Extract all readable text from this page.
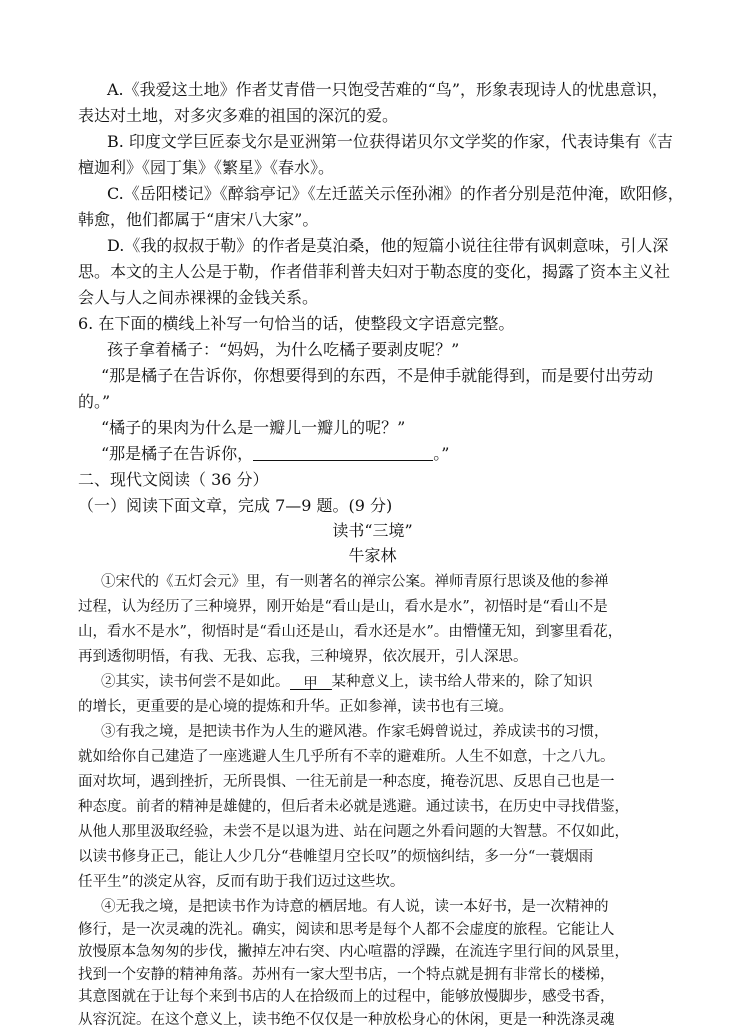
A.《我爱这土地》作者艾青借一只饱受苦难的“鸟”，形象表现诗人的忧患意识，
表达对土地，对多灾多难的祖国的深沉的爱。
B. 印度文学巨匠泰戈尔是亚洲第一位获得诺贝尔文学奖的作家，代表诗集有《吉
檀迦利》《园丁集》《繁星》《春水》。
C.《岳阳楼记》《醉翁亭记》《左迁蓝关示侄孙湘》的作者分别是范仲淹，欧阳修，
韩愈，他们都属于“唐宋八大家”。
D.《我的叔叔于勒》的作者是莫泊桑，他的短篇小说往往带有讽刺意味，引人深
思。本文的主人公是于勒，作者借菲利普夫妇对于勒态度的变化，揭露了资本主义社
会人与人之间赤裸裸的金钱关系。
6. 在下面的横线上补写一句恰当的话，使整段文字语意完整。
孩子拿着橘子：“妈妈，为什么吃橘子要剥皮呢？”
“那是橘子在告诉你，你想要得到的东西，不是伸手就能得到，而是要付出劳动
的。”
“橘子的果肉为什么是一瓣儿一瓣儿的呢？”
“那是橘子在告诉你，	。”
二、现代文阅读（ 36 分）
（一）阅读下面文章，完成 7—9 题。(9 分)
读书“三境”
牛家林
①宋代的《五灯会元》里，有一则著名的禅宗公案。禅师青原行思谈及他的参禅
过程，认为经历了三种境界，刚开始是“看山是山，看水是水”，初悟时是“看山不是
山，看水不是水”，彻悟时是“看山还是山，看水还是水”。由懵懂无知，到寥里看花，
再到透彻明悟，有我、无我、忘我，三种境界，依次展开，引人深思。
②其实，读书何尝不是如此。 甲 某种意义上，读书给人带来的，除了知识
的增长，更重要的是心境的提炼和升华。正如参禅，读书也有三境。
③有我之境，是把读书作为人生的避风港。作家毛姆曾说过，养成读书的习惯，
就如给你自己建造了一座逃避人生几乎所有不幸的避难所。人生不如意，十之八九。
面对坎坷，遇到挫折，无所畏惧、一往无前是一种态度，掩卷沉思、反思自己也是一
种态度。前者的精神是雄健的，但后者未必就是逃避。通过读书，在历史中寻找借鉴，
从他人那里汲取经验，未尝不是以退为进、站在问题之外看问题的大智慧。不仅如此，
以读书修身正己，能让人少几分“巷帷望月空长叹”的烦恼纠结，多一分“一蓑烟雨
任平生”的淡定从容，反而有助于我们迈过这些坎。
④无我之境，是把读书作为诗意的栖居地。有人说，读一本好书，是一次精神的
修行，是一次灵魂的洗礼。确实，阅读和思考是每个人都不会虚度的旅程。它能让人
放慢原本急匆匆的步伐，撇掉左冲右突、内心喧嚣的浮躁，在流连字里行间的风景里，
找到一个安静的精神角落。苏州有一家大型书店，一个特点就是拥有非常长的楼梯，
其意图就在于让每个来到书店的人在拾级而上的过程中，能够放慢脚步，感受书香，
从容沉淀。在这个意义上，读书绝不仅仅是一种放松身心的休闲，更是一种洗涤灵魂
